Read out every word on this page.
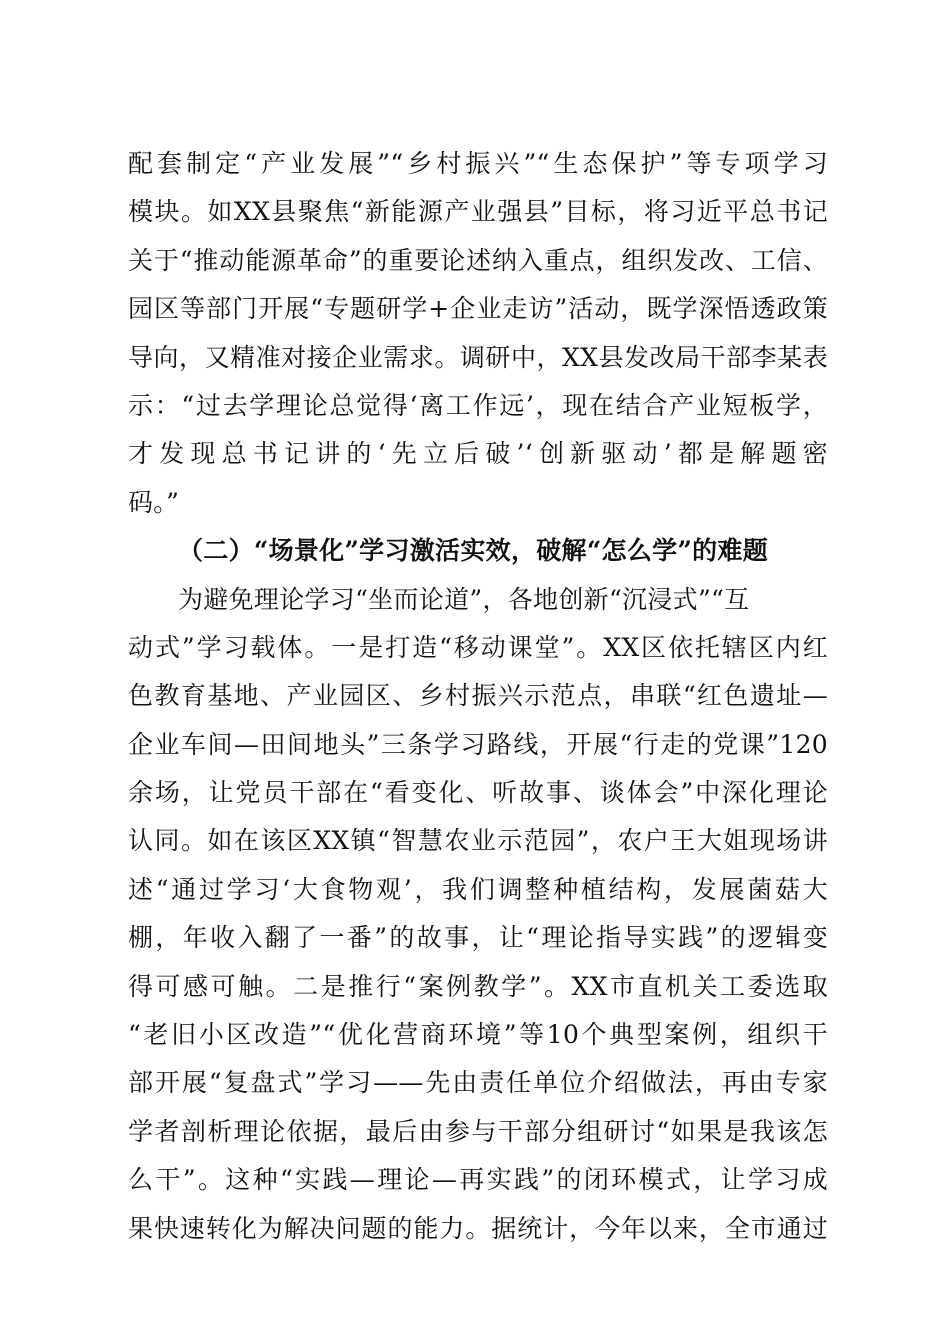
配套制定“产业发展”“乡村振兴”“生态保护”等专项学习
模块。如XX县聚焦“新能源产业强县”目标，将习近平总书记
关于“推动能源革命”的重要论述纳入重点，组织发改、工信、
园区等部门开展“专题研学+企业走访”活动，既学深悟透政策
导向，又精准对接企业需求。调研中，XX县发改局干部李某表
示：“过去学理论总觉得‘离工作远’，现在结合产业短板学，
才发现总书记讲的‘先立后破’‘创新驱动’都是解题密
码。”
（二）“场景化”学习激活实效，破解“怎么学”的难题
为避免理论学习“坐而论道”，各地创新“沉浸式”“互
动式”学习载体。一是打造“移动课堂”。XX区依托辖区内红
色教育基地、产业园区、乡村振兴示范点，串联“红色遗址—
企业车间—田间地头”三条学习路线，开展“行走的党课”120
余场，让党员干部在“看变化、听故事、谈体会”中深化理论
认同。如在该区XX镇“智慧农业示范园”，农户王大姐现场讲
述“通过学习‘大食物观’，我们调整种植结构，发展菌菇大
棚，年收入翻了一番”的故事，让“理论指导实践”的逻辑变
得可感可触。二是推行“案例教学”。XX市直机关工委选取
“老旧小区改造”“优化营商环境”等10个典型案例，组织干
部开展“复盘式”学习——先由责任单位介绍做法，再由专家
学者剖析理论依据，最后由参与干部分组研讨“如果是我该怎
么干”。这种“实践—理论—再实践”的闭环模式，让学习成
果快速转化为解决问题的能力。据统计，今年以来，全市通过
